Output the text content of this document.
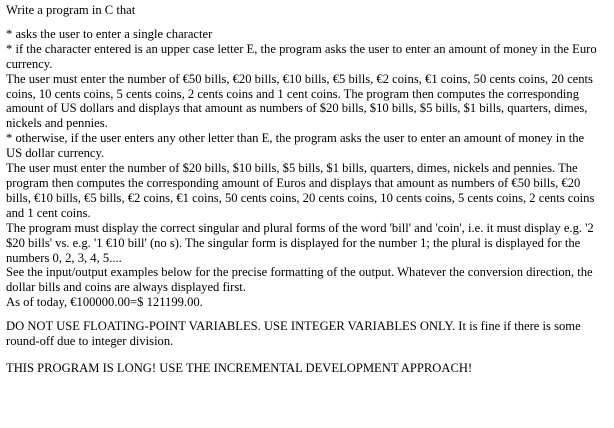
Write a program in C that

* asks the user to enter a single character

* if the character entered is an upper case letter E, the program asks the user to enter an amount of money in the Euro currency.

The user must enter the number of €50 bills, €20 bills, €10 bills, €5 bills, €2 coins, €1 coins, 50 cents coins, 20 cents coins, 10 cents coins, 5 cents coins, 2 cents coins and 1 cent coins. The program then computes the corresponding amount of US dollars and displays that amount as numbers of $20 bills, $10 bills, $5 bills, $1 bills, quarters, dimes, nickels and pennies.

* otherwise, if the user enters any other letter than E, the program asks the user to enter an amount of money in the US dollar currency.

The user must enter the number of $20 bills, $10 bills, $5 bills, $1 bills, quarters, dimes, nickels and pennies. The program then computes the corresponding amount of Euros and displays that amount as numbers of €50 bills, €20 bills, €10 bills, €5 bills, €2 coins, €1 coins, 50 cents coins, 20 cents coins, 10 cents coins, 5 cents coins, 2 cents coins and 1 cent coins.

The program must display the correct singular and plural forms of the word 'bill' and 'coin', i.e. it must display e.g. '2 $20 bills' vs. e.g. '1 €10 bill' (no s). The singular form is displayed for the number 1; the plural is displayed for the numbers 0, 2, 3, 4, 5....

See the input/output examples below for the precise formatting of the output. Whatever the conversion direction, the dollar bills and coins are always displayed first.

As of today, €100000.00=$ 121199.00.

DO NOT USE FLOATING-POINT VARIABLES. USE INTEGER VARIABLES ONLY. It is fine if there is some round-off due to integer division.

THIS PROGRAM IS LONG! USE THE INCREMENTAL DEVELOPMENT APPROACH!
